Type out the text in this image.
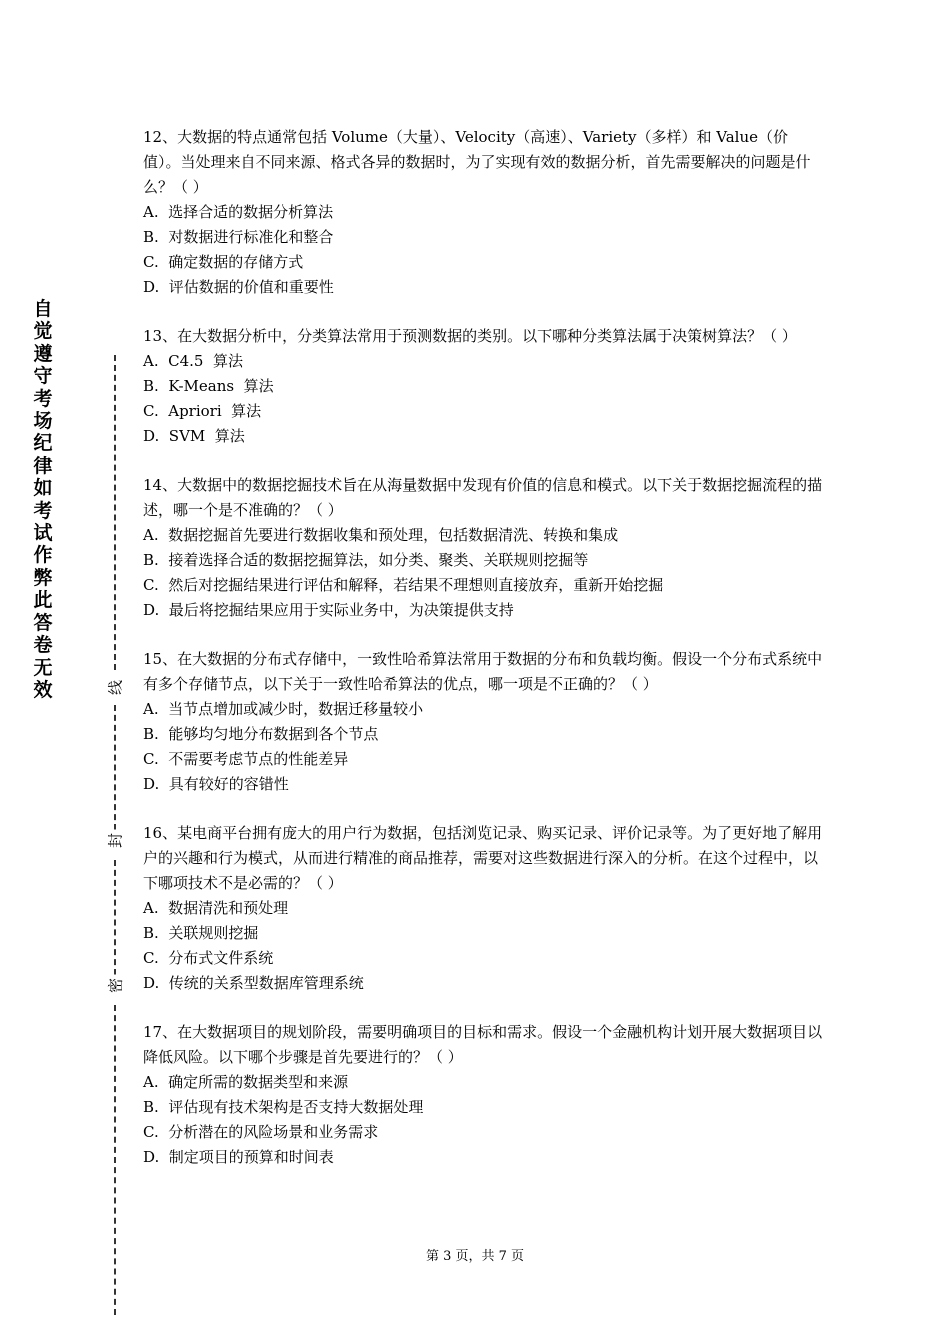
自觉遵守考场纪律如考试作弊此答卷无效	线
封
密

12、大数据的特点通常包括 Volume（大量）、Velocity（高速）、Variety（多样）和 Value（价值）。当处理来自不同来源、格式各异的数据时，为了实现有效的数据分析，首先需要解决的问题是什么？（ ）

A.  选择合适的数据分析算法

B.  对数据进行标准化和整合

C.  确定数据的存储方式

D.  评估数据的价值和重要性

13、在大数据分析中，分类算法常用于预测数据的类别。以下哪种分类算法属于决策树算法？（ ）

A.  C4.5  算法

B.  K-Means  算法

C.  Apriori  算法

D.  SVM  算法

14、大数据中的数据挖掘技术旨在从海量数据中发现有价值的信息和模式。以下关于数据挖掘流程的描述，哪一个是不准确的？（ ）

A.  数据挖掘首先要进行数据收集和预处理，包括数据清洗、转换和集成

B.  接着选择合适的数据挖掘算法，如分类、聚类、关联规则挖掘等

C.  然后对挖掘结果进行评估和解释，若结果不理想则直接放弃，重新开始挖掘

D.  最后将挖掘结果应用于实际业务中，为决策提供支持

15、在大数据的分布式存储中，一致性哈希算法常用于数据的分布和负载均衡。假设一个分布式系统中有多个存储节点，以下关于一致性哈希算法的优点，哪一项是不正确的？（ ）

A.  当节点增加或减少时，数据迁移量较小

B.  能够均匀地分布数据到各个节点

C.  不需要考虑节点的性能差异

D.  具有较好的容错性

16、某电商平台拥有庞大的用户行为数据，包括浏览记录、购买记录、评价记录等。为了更好地了解用户的兴趣和行为模式，从而进行精准的商品推荐，需要对这些数据进行深入的分析。在这个过程中，以下哪项技术不是必需的？（ ）

A.  数据清洗和预处理

B.  关联规则挖掘

C.  分布式文件系统

D.  传统的关系型数据库管理系统

17、在大数据项目的规划阶段，需要明确项目的目标和需求。假设一个金融机构计划开展大数据项目以降低风险。以下哪个步骤是首先要进行的？（ ）

A.  确定所需的数据类型和来源

B.  评估现有技术架构是否支持大数据处理

C.  分析潜在的风险场景和业务需求

D.  制定项目的预算和时间表

第 3 页，共 7 页
